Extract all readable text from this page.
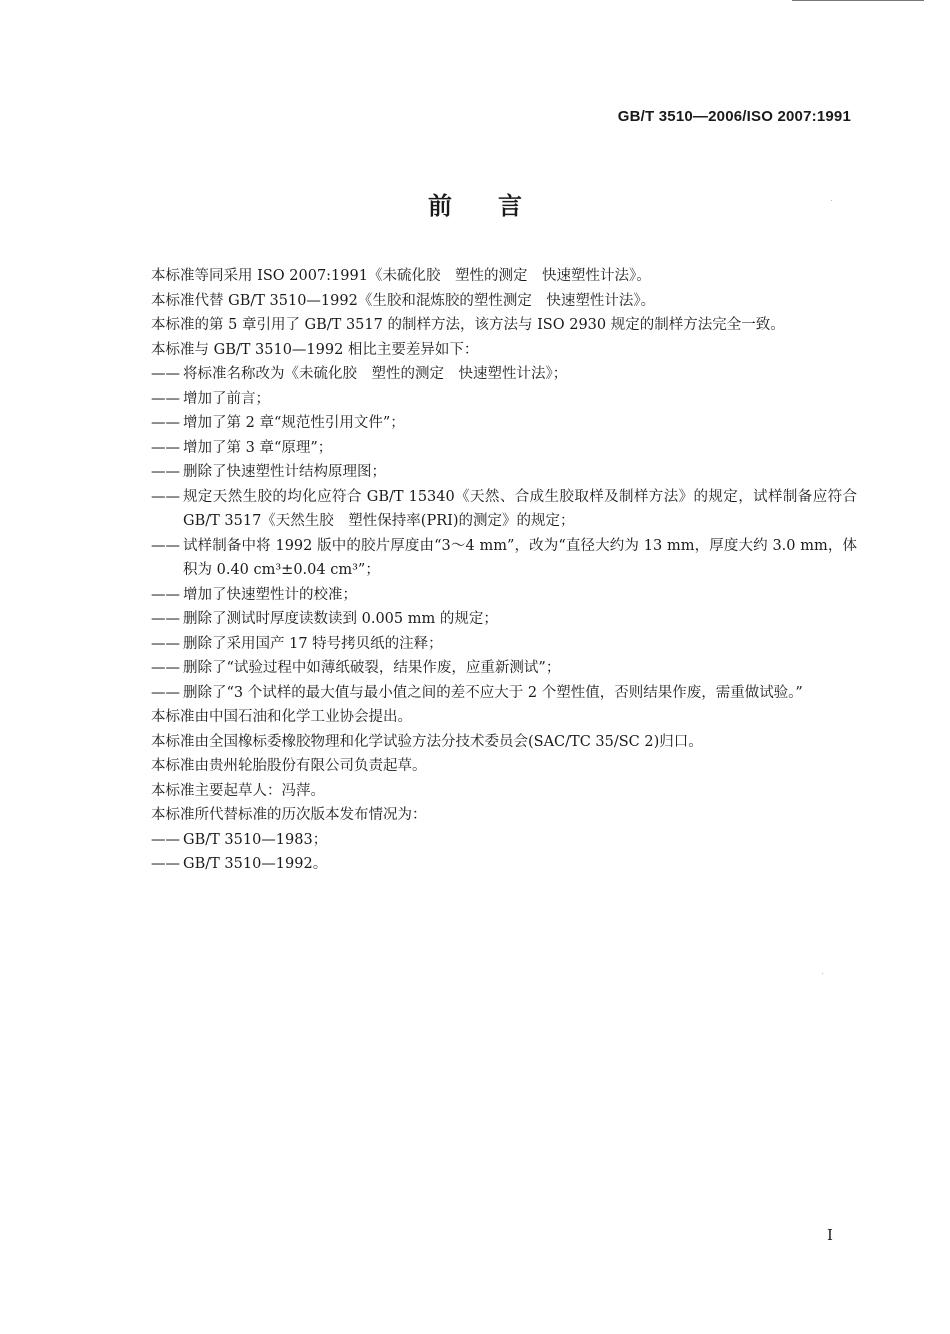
GB/T 3510—2006/ISO 2007:1991
前言

本标准等同采用 ISO 2007:1991《未硫化胶　塑性的测定　快速塑性计法》。

本标准代替 GB/T 3510—1992《生胶和混炼胶的塑性测定　快速塑性计法》。

本标准的第 5 章引用了 GB/T 3517 的制样方法，该方法与 ISO 2930 规定的制样方法完全一致。

本标准与 GB/T 3510—1992 相比主要差异如下：

—— 将标准名称改为《未硫化胶　塑性的测定　快速塑性计法》；
—— 增加了前言；
—— 增加了第 2 章“规范性引用文件”；
—— 增加了第 3 章“原理”；
—— 删除了快速塑性计结构原理图；
—— 规定天然生胶的均化应符合 GB/T 15340《天然、合成生胶取样及制样方法》的规定，试样制备应符合 GB/T 3517《天然生胶　塑性保持率(PRI)的测定》的规定；
—— 试样制备中将 1992 版中的胶片厚度由“3～4 mm”，改为“直径大约为 13 mm，厚度大约 3.0 mm，体积为 0.40 cm³±0.04 cm³”；
—— 增加了快速塑性计的校准；
—— 删除了测试时厚度读数读到 0.005 mm 的规定；
—— 删除了采用国产 17 特号拷贝纸的注释；
—— 删除了“试验过程中如薄纸破裂，结果作废，应重新测试”；
—— 删除了“3 个试样的最大值与最小值之间的差不应大于 2 个塑性值，否则结果作废，需重做试验。”

本标准由中国石油和化学工业协会提出。

本标准由全国橡标委橡胶物理和化学试验方法分技术委员会(SAC/TC 35/SC 2)归口。

本标准由贵州轮胎股份有限公司负责起草。

本标准主要起草人：冯萍。

本标准所代替标准的历次版本发布情况为：

—— GB/T 3510—1983；
—— GB/T 3510—1992。
I
